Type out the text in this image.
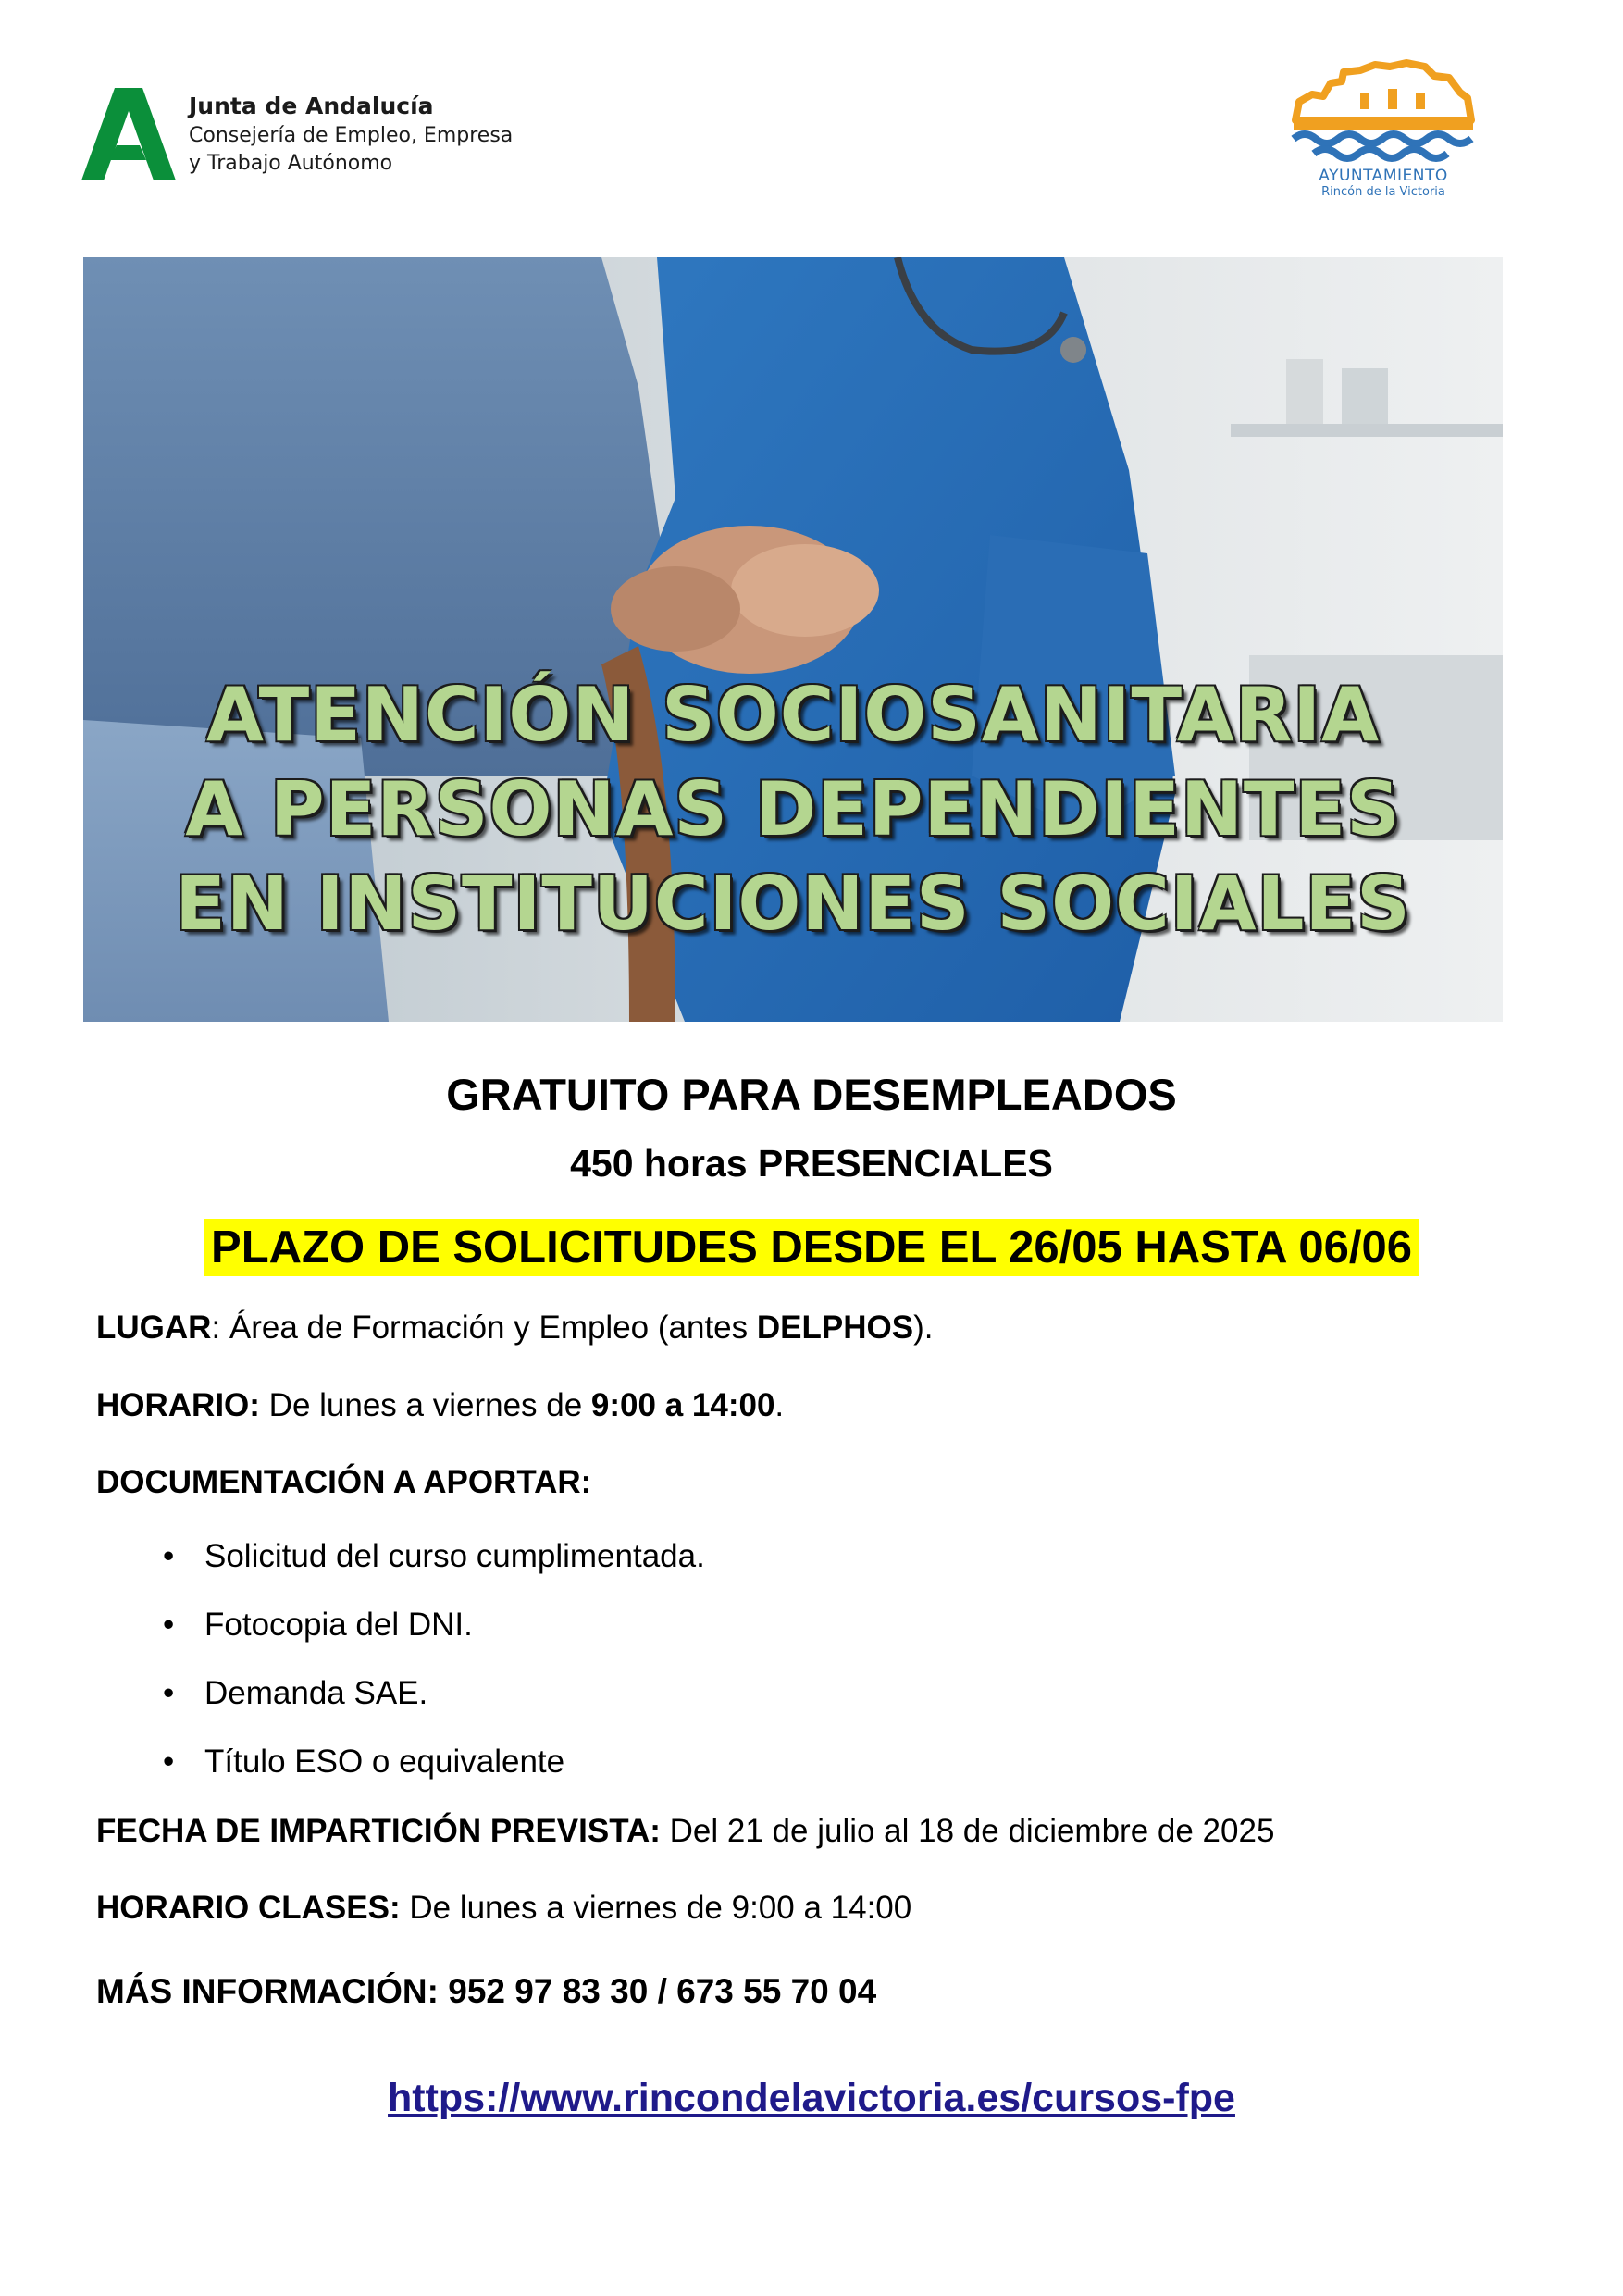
Junta de Andalucía
Consejería de Empleo, Empresa
y Trabajo Autónomo
AYUNTAMIENTO
Rincón de la Victoria
ATENCIÓN SOCIOSANITARIA
A PERSONAS DEPENDIENTES
EN INSTITUCIONES SOCIALES
GRATUITO PARA DESEMPLEADOS
450 horas PRESENCIALES
PLAZO DE SOLICITUDES DESDE EL 26/05 HASTA 06/06
LUGAR: Área de Formación y Empleo (antes DELPHOS).
HORARIO: De lunes a viernes de 9:00 a 14:00.
DOCUMENTACIÓN A APORTAR:
• Solicitud del curso cumplimentada.
• Fotocopia del DNI.
• Demanda SAE.
• Título ESO o equivalente
FECHA DE IMPARTICIÓN PREVISTA: Del 21 de julio al 18 de diciembre de 2025
HORARIO CLASES: De lunes a viernes de 9:00 a 14:00
MÁS INFORMACIÓN: 952 97 83 30 / 673 55 70 04
https://www.rincondelavictoria.es/cursos-fpe
